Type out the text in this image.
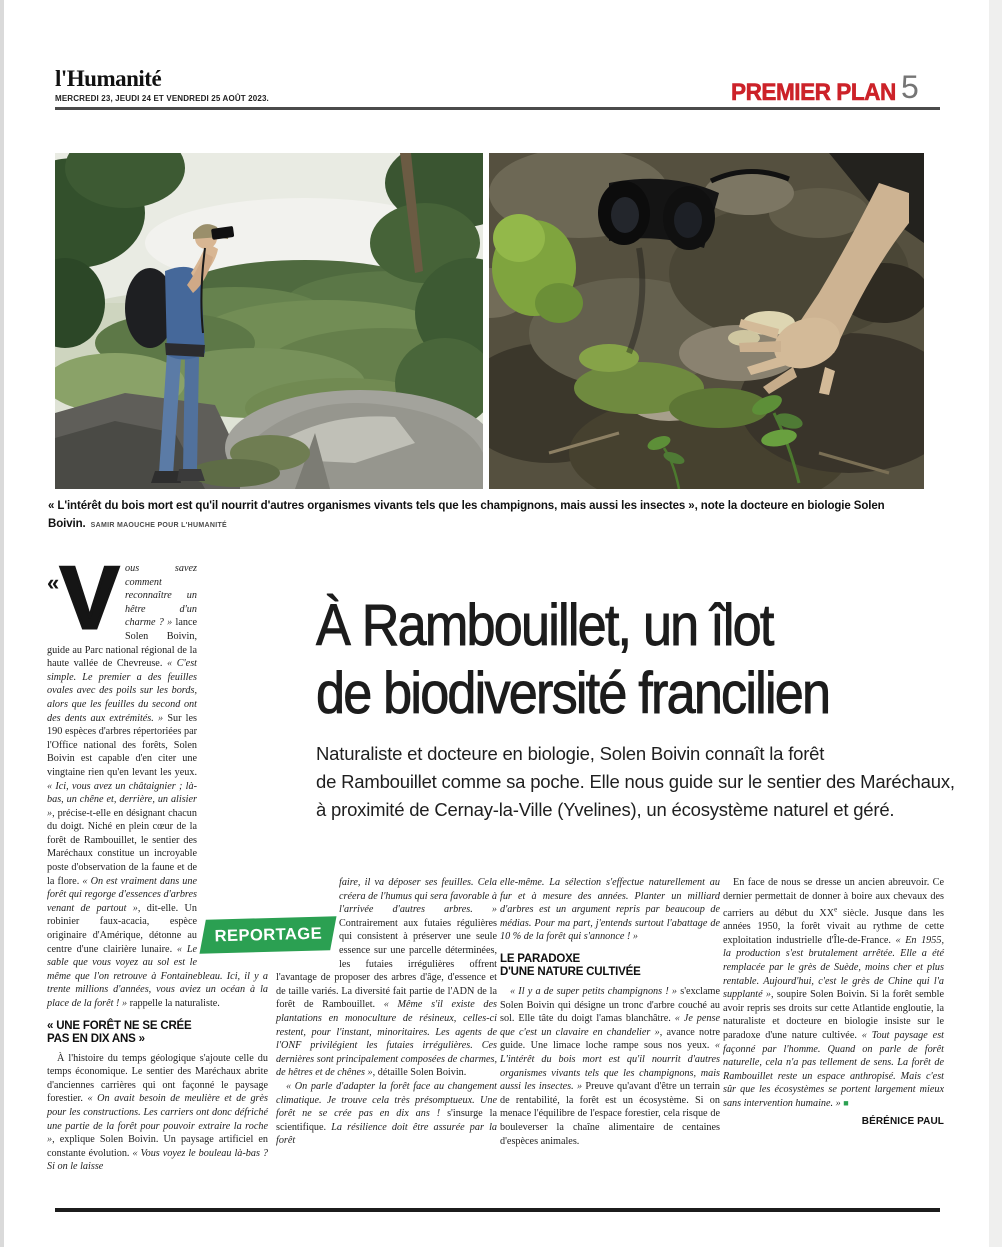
l'Humanité
MERCREDI 23, JEUDI 24 ET VENDREDI 25 AOÛT 2023.	PREMIER PLAN 5
« L'intérêt du bois mort est qu'il nourrit d'autres organismes vivants tels que les champignons, mais aussi les insectes », note la docteure en biologie Solen Boivin. SAMIR MAOUCHE POUR L'HUMANITÉ
À Rambouillet, un îlot
de biodiversité francilien
Naturaliste et docteure en biologie, Solen Boivin connaît la forêt
de Rambouillet comme sa poche. Elle nous guide sur le sentier des Maréchaux,
à proximité de Cernay-la-Ville (Yvelines), un écosystème naturel et géré.
REPORTAGE

« V ous savez comment reconnaître un hêtre d'un charme ? » lance Solen Boivin, guide au Parc national régional de la haute vallée de Chevreuse. « C'est simple. Le premier a des feuilles ovales avec des poils sur les bords, alors que les feuilles du second ont des dents aux extrémités. » Sur les 190 espèces d'arbres répertoriées par l'Office national des forêts, Solen Boivin est capable d'en citer une vingtaine rien qu'en levant les yeux. « Ici, vous avez un châtaignier ; là-bas, un chêne et, derrière, un alisier », précise-t-elle en désignant chacun du doigt. Niché en plein cœur de la forêt de Rambouillet, le sentier des Maréchaux constitue un incroyable poste d'observation de la faune et de la flore. « On est vraiment dans une forêt qui regorge d'essences d'arbres venant de partout », dit-elle. Un robinier faux-acacia, espèce originaire d'Amérique, détonne au centre d'une clairière lunaire. « Le sable que vous voyez au sol est le même que l'on retrouve à Fontainebleau. Ici, il y a trente millions d'années, vous aviez un océan à la place de la forêt ! » rappelle la naturaliste.

« UNE FORÊT NE SE CRÉE
PAS EN DIX ANS »

À l'histoire du temps géologique s'ajoute celle du temps économique. Le sentier des Maréchaux abrite d'anciennes carrières qui ont façonné le paysage forestier. « On avait besoin de meulière et de grès pour les constructions. Les carriers ont donc défriché une partie de la forêt pour pouvoir extraire la roche », explique Solen Boivin. Un paysage artificiel en constante évolution. « Vous voyez le bouleau là-bas ? Si on le laisse

faire, il va déposer ses feuilles. Cela créera de l'humus qui sera favorable à l'arrivée d'autres arbres. » Contrairement aux futaies régulières qui consistent à préserver une seule essence sur une parcelle déterminées, les futaies irrégulières offrent l'avantage de proposer des arbres d'âge, d'essence et de taille variés. La diversité fait partie de l'ADN de la forêt de Rambouillet. « Même s'il existe des plantations en monoculture de résineux, celles-ci restent, pour l'instant, minoritaires. Les agents de l'ONF privilégient les futaies irrégulières. Ces dernières sont principalement composées de charmes, de hêtres et de chênes », détaille Solen Boivin.

« On parle d'adapter la forêt face au changement climatique. Je trouve cela très présomptueux. Une forêt ne se crée pas en dix ans ! s'insurge la scientifique. La résilience doit être assurée par la forêt

elle-même. La sélection s'effectue naturellement au fur et à mesure des années. Planter un milliard d'arbres est un argument repris par beaucoup de médias. Pour ma part, j'entends surtout l'abattage de 10 % de la forêt qui s'annonce ! »

LE PARADOXE
D'UNE NATURE CULTIVÉE

« Il y a de super petits champignons ! » s'exclame Solen Boivin qui désigne un tronc d'arbre couché au sol. Elle tâte du doigt l'amas blanchâtre. « Je pense que c'est un clavaire en chandelier », avance notre guide. Une limace loche rampe sous nos yeux. « L'intérêt du bois mort est qu'il nourrit d'autres organismes vivants tels que les champignons, mais aussi les insectes. » Preuve qu'avant d'être un terrain de rentabilité, la forêt est un écosystème. Si on menace l'équilibre de l'espace forestier, cela risque de bouleverser la chaîne alimentaire de centaines d'espèces animales.

En face de nous se dresse un ancien abreuvoir. Ce dernier permettait de donner à boire aux chevaux des carriers au début du XXe siècle. Jusque dans les années 1950, la forêt vivait au rythme de cette exploitation industrielle d'Île-de-France. « En 1955, la production s'est brutalement arrêtée. Elle a été remplacée par le grès de Suède, moins cher et plus rentable. Aujourd'hui, c'est le grès de Chine qui l'a supplanté », soupire Solen Boivin. Si la forêt semble avoir repris ses droits sur cette Atlantide engloutie, la naturaliste et docteure en biologie insiste sur le paradoxe d'une nature cultivée. « Tout paysage est façonné par l'homme. Quand on parle de forêt naturelle, cela n'a pas tellement de sens. La forêt de Rambouillet reste un espace anthropisé. Mais c'est sûr que les écosystèmes se portent largement mieux sans intervention humaine. » ■

BÉRÉNICE PAUL
